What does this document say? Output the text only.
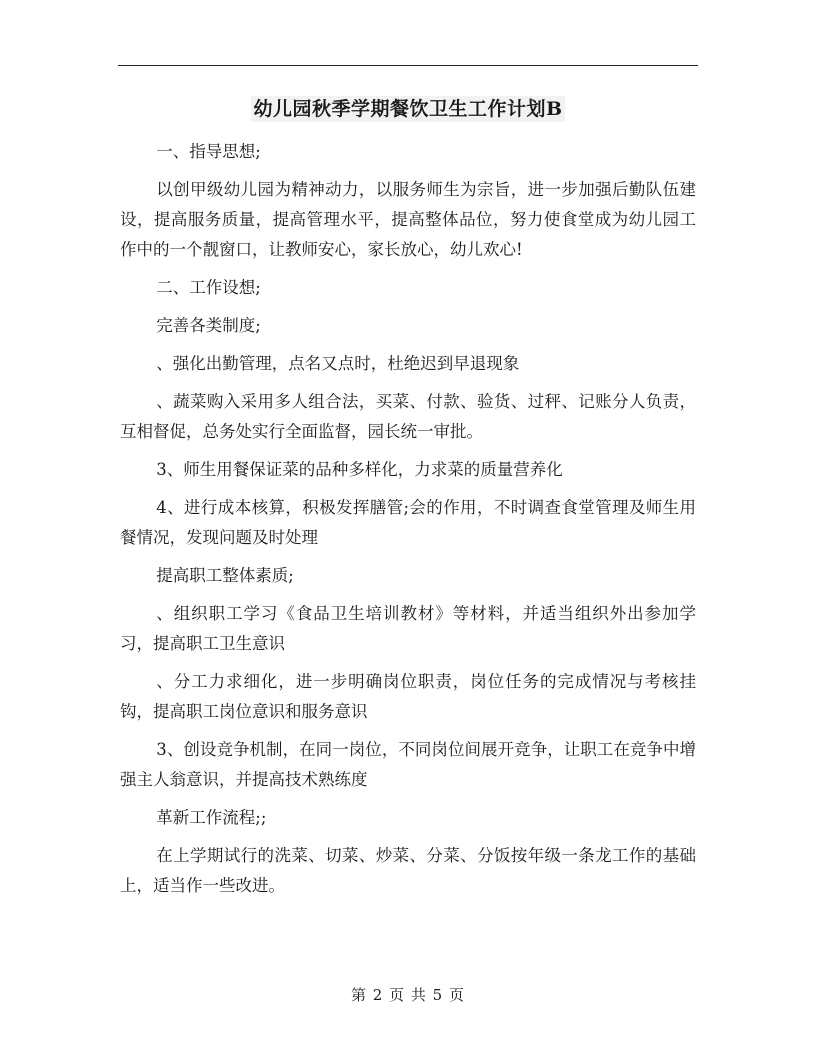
幼儿园秋季学期餐饮卫生工作计划B

一、指导思想;

以创甲级幼儿园为精神动力，以服务师生为宗旨，进一步加强后勤队伍建设，提高服务质量，提高管理水平，提高整体品位，努力使食堂成为幼儿园工作中的一个靓窗口，让教师安心，家长放心，幼儿欢心!

二、工作设想;

完善各类制度;

、强化出勤管理，点名又点时，杜绝迟到早退现象

、蔬菜购入采用多人组合法，买菜、付款、验货、过秤、记账分人负责，互相督促，总务处实行全面监督，园长统一审批。

3、师生用餐保证菜的品种多样化，力求菜的质量营养化

4、进行成本核算，积极发挥膳管;会的作用，不时调查食堂管理及师生用餐情况，发现问题及时处理

提高职工整体素质;

、组织职工学习《食品卫生培训教材》等材料，并适当组织外出参加学习，提高职工卫生意识

、分工力求细化，进一步明确岗位职责，岗位任务的完成情况与考核挂钩，提高职工岗位意识和服务意识

3、创设竞争机制，在同一岗位，不同岗位间展开竞争，让职工在竞争中增强主人翁意识，并提高技术熟练度

革新工作流程;;

在上学期试行的洗菜、切菜、炒菜、分菜、分饭按年级一条龙工作的基础上，适当作一些改进。

第 2 页 共 5 页
